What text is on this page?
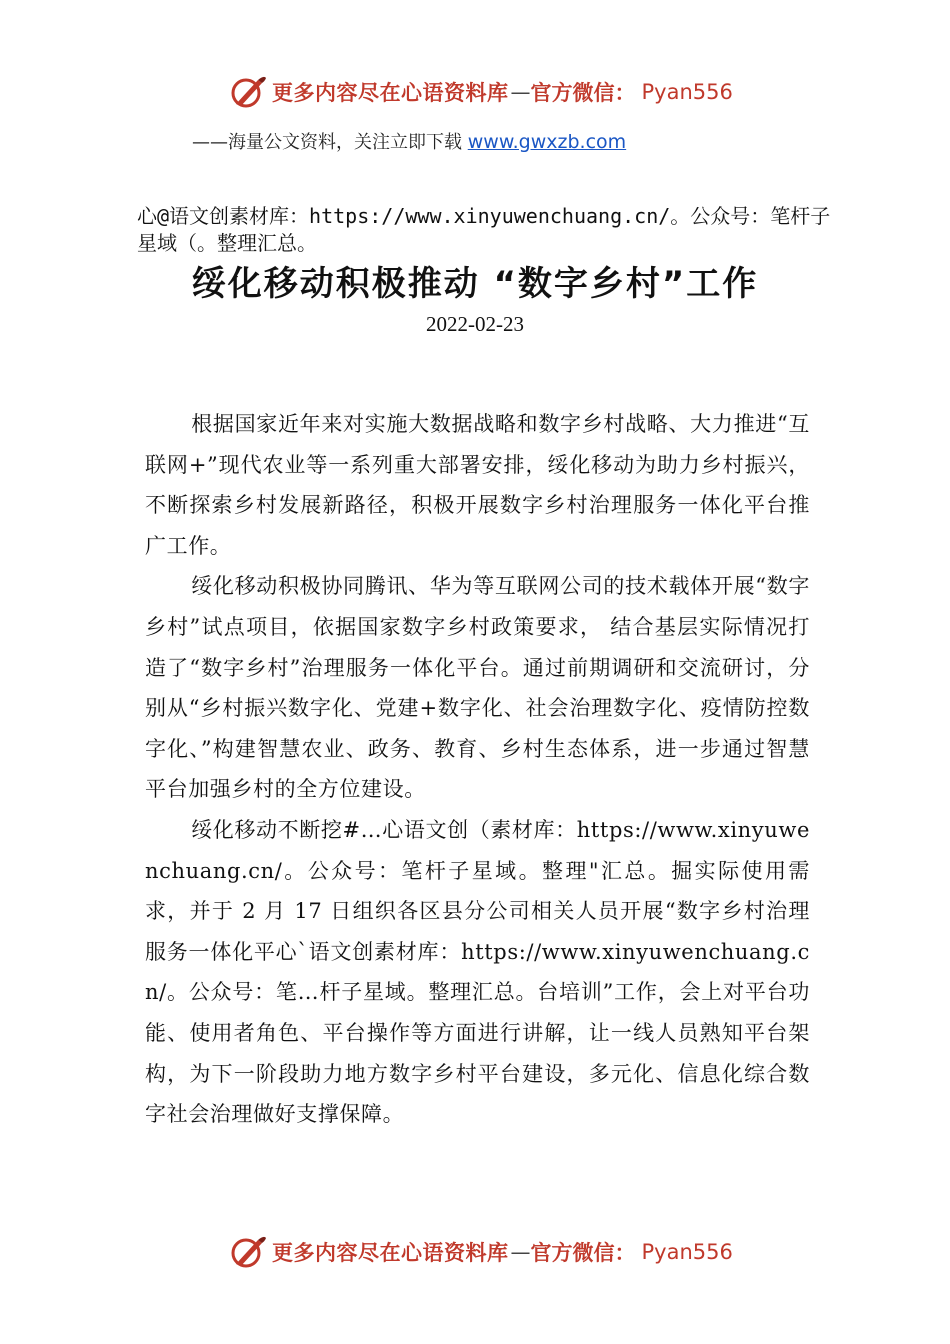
更多内容尽在心语资料库 — 官方微信： Pyan556
——海量公文资料，关注立即下载 www.gwxzb.com
心@语文创素材库：https://www.xinyuwenchuang.cn/。公众号：笔杆子星域（。整理汇总。
绥化移动积极推动 “数字乡村”工作
2022-02-23

根据国家近年来对实施大数据战略和数字乡村战略、大力推进“互联网+”现代农业等一系列重大部署安排，绥化移动为助力乡村振兴，不断探索乡村发展新路径，积极开展数字乡村治理服务一体化平台推广工作。

绥化移动积极协同腾讯、华为等互联网公司的技术载体开展“数字乡村”试点项目，依据国家数字乡村政策要求， 结合基层实际情况打造了“数字乡村”治理服务一体化平台。通过前期调研和交流研讨，分别从“乡村振兴数字化、党建+数字化、社会治理数字化、疫情防控数字化、”构建智慧农业、政务、教育、乡村生态体系，进一步通过智慧平台加强乡村的全方位建设。

绥化移动不断挖#…心语文创（素材库：https://www.xinyuwenchuang.cn/。公众号：笔杆子星域。整理"汇总。掘实际使用需求，并于 2 月 17 日组织各区县分公司相关人员开展“数字乡村治理服务一体化平心`语文创素材库：https://www.xinyuwenchuang.cn/。公众号：笔…杆子星域。整理汇总。台培训”工作，会上对平台功能、使用者角色、平台操作等方面进行讲解，让一线人员熟知平台架构，为下一阶段助力地方数字乡村平台建设，多元化、信息化综合数字社会治理做好支撑保障。

更多内容尽在心语资料库 — 官方微信： Pyan556
